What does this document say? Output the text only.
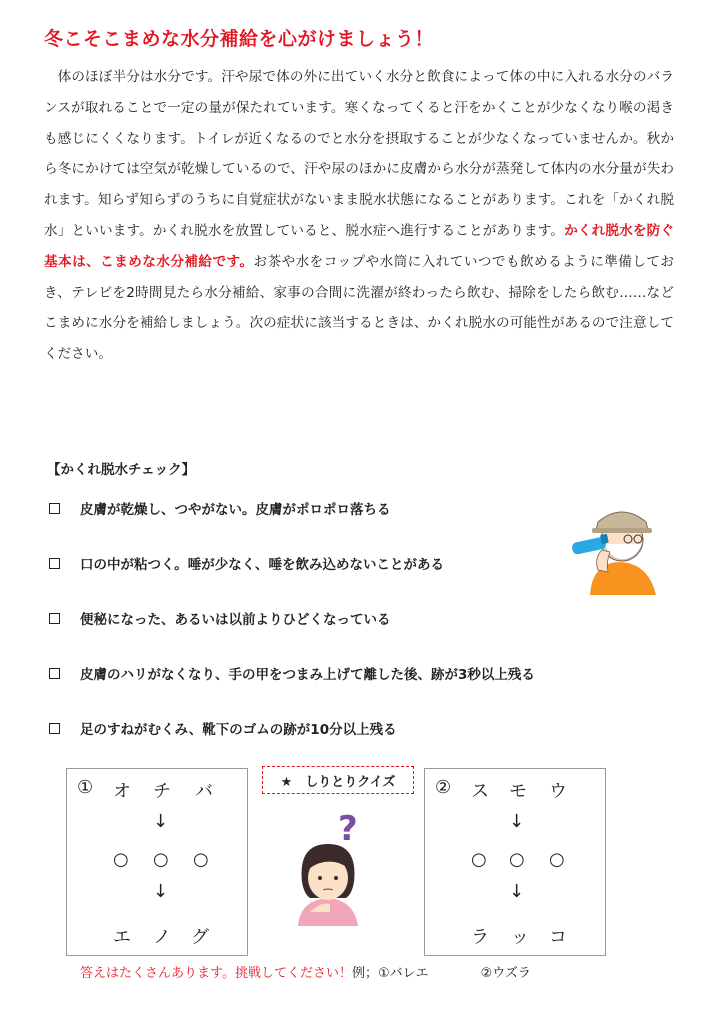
冬こそこまめな水分補給を心がけましょう！
体のほぼ半分は水分です。汗や尿で体の外に出ていく水分と飲食によって体の中に入れる水分のバランスが取れることで一定の量が保たれています。寒くなってくると汗をかくことが少なくなり喉の渇きも感じにくくなります。トイレが近くなるのでと水分を摂取することが少なくなっていませんか。秋から冬にかけては空気が乾燥しているので、汗や尿のほかに皮膚から水分が蒸発して体内の水分量が失われます。知らず知らずのうちに自覚症状がないまま脱水状態になることがあります。これを「かくれ脱水」といいます。かくれ脱水を放置していると、脱水症へ進行することがあります。かくれ脱水を防ぐ基本は、こまめな水分補給です。お茶や水をコップや水筒に入れていつでも飲めるように準備しておき、テレビを2時間見たら水分補給、家事の合間に洗濯が終わったら飲む、掃除をしたら飲む……などこまめに水分を補給しましょう。次の症状に該当するときは、かくれ脱水の可能性があるので注意してください。
【かくれ脱水チェック】
皮膚が乾燥し、つやがない。皮膚がポロポロ落ちる
口の中が粘つく。唾が少なく、唾を飲み込めないことがある
便秘になった、あるいは以前よりひどくなっている
皮膚のハリがなくなり、手の甲をつまみ上げて離した後、跡が3秒以上残る
足のすねがむくみ、靴下のゴムの跡が10分以上残る
① オ チ バ
↓
○ ○ ○
↓
エ ノ グ
★　しりとりクイズ
?
② ス モ ウ
↓
○ ○ ○
↓
ラ ッ コ
答えはたくさんあります。挑戦してください！例；①バレエ	②ウズラ
